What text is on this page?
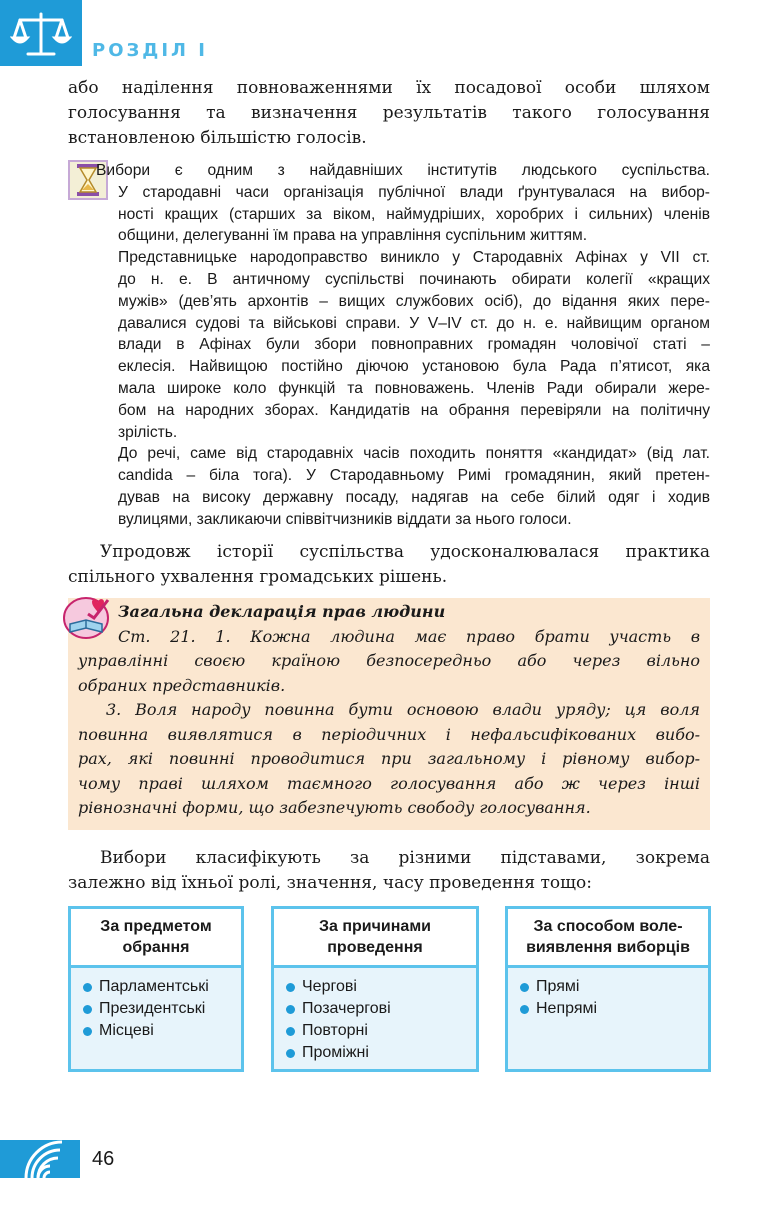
РОЗДІЛ І
або наділення повноваженнями їх посадової особи шляхом
голосування та визначення результатів такого голосування
встановленою більшістю голосів.
Вибори є одним з найдавніших інститутів людського суспільства.
У стародавні часи організація публічної влади ґрунтувалася на вибор-
ності кращих (старших за віком, наймудріших, хоробрих і сильних) членів
общини, делегуванні їм права на управління суспільним життям.
Представницьке народоправство виникло у Стародавніх Афінах у VII ст.
до н. е. В античному суспільстві починають обирати колегії «кращих
мужів» (дев’ять архонтів – вищих службових осіб), до відання яких пере-
давалися судові та військові справи. У V–IV ст. до н. е. найвищим органом
влади в Афінах були збори повноправних громадян чоловічої статі –
еклесія. Найвищою постійно діючою установою була Рада п’ятисот, яка
мала широке коло функцій та повноважень. Членів Ради обирали жере-
бом на народних зборах. Кандидатів на обрання перевіряли на політичну
зрілість.
До речі, саме від стародавніх часів походить поняття «кандидат» (від лат.
candida – біла тога). У Стародавньому Римі громадянин, який претен-
дував на високу державну посаду, надягав на себе білий одяг і ходив
вулицями, закликаючи співвітчизників віддати за нього голоси.
Упродовж історії суспільства удосконалювалася практика
спільного ухвалення громадських рішень.
Загальна декларація прав людини
Ст. 21. 1. Кожна людина має право брати участь в
управлінні своєю країною безпосередньо або через вільно
обраних представників.
3. Воля народу повинна бути основою влади уряду; ця воля
повинна виявлятися в періодичних і нефальсифікованих вибо-
рах, які повинні проводитися при загальному і рівному вибор-
чому праві шляхом таємного голосування або ж через інші
рівнозначні форми, що забезпечують свободу голосування.
Вибори класифікують за різними підставами, зокрема
залежно від їхньої ролі, значення, часу проведення тощо:
За предметом
обрання
Парламентські
Президентські
Місцеві
За причинами
проведення
Чергові
Позачергові
Повторні
Проміжні
За способом воле-
виявлення виборців
Прямі
Непрямі
46
